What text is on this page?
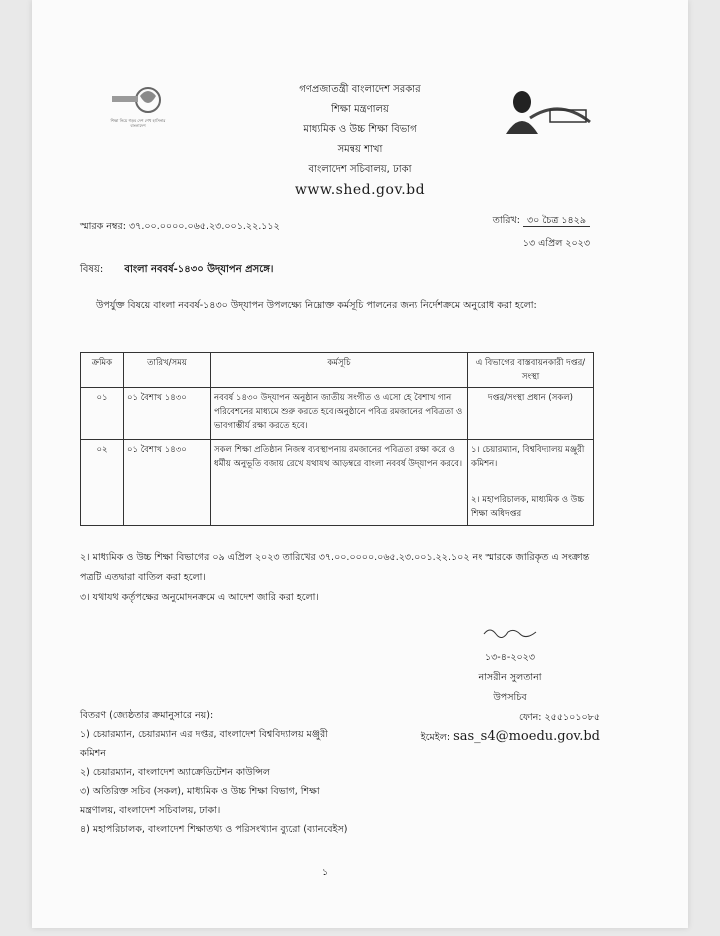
শিক্ষা নিয়ে গড়ব দেশ শেখ হাসিনার বাংলাদেশ
গণপ্রজাতন্ত্রী বাংলাদেশ সরকার
শিক্ষা মন্ত্রণালয়
মাধ্যমিক ও উচ্চ শিক্ষা বিভাগ
সমন্বয় শাখা
বাংলাদেশ সচিবালয়, ঢাকা
www.shed.gov.bd
স্মারক নম্বর: ৩৭.০০.০০০০.০৬৫.২৩.০০১.২২.১১২
তারিখ: ৩০ চৈত্র ১৪২৯
১৩ এপ্রিল ২০২৩
বিষয়: বাংলা নববর্ষ-১৪৩০ উদ্‌যাপন প্রসঙ্গে।
উপর্যুক্ত বিষয়ে বাংলা নববর্ষ-১৪৩০ উদ্‌যাপন উপলক্ষ্যে নিম্নোক্ত কর্মসূচি পালনের জন্য নির্দেশক্রমে অনুরোধ করা হলো:
ক্রমিক	তারিখ/সময়	কর্মসূচি	এ বিভাগের বাস্তবায়নকারী দপ্তর/সংস্থা
০১	০১ বৈশাখ ১৪৩০	নববর্ষ ১৪৩০ উদ্‌যাপন অনুষ্ঠান জাতীয় সংগীত ও এসো হে বৈশাখ গান পরিবেশনের মাধ্যমে শুরু করতে হবে।অনুষ্ঠানে পবিত্র রমজানের পবিত্রতা ও ভাবগাম্ভীর্য রক্ষা করতে হবে।	দপ্তর/সংস্থা প্রধান (সকল)
০২	০১ বৈশাখ ১৪৩০	সকল শিক্ষা প্রতিষ্ঠান নিজস্ব ব্যবস্থাপনায় রমজানের পবিত্রতা রক্ষা করে ও ধর্মীয় অনুভূতি বজায় রেখে যথাযথ আড়ম্বরে বাংলা নববর্ষ উদ্‌যাপন করবে।	১। চেয়ারম্যান, বিশ্ববিদ্যালয় মঞ্জুরী কমিশন।
২। মহাপরিচালক, মাধ্যমিক ও উচ্চ শিক্ষা অধিদপ্তর
২। মাধ্যমিক ও উচ্চ শিক্ষা বিভাগের ০৯ এপ্রিল ২০২৩ তারিখের ৩৭.০০.০০০০.০৬৫.২৩.০০১.২২.১০২ নং স্মারকে জারিকৃত এ সংক্রান্ত পত্রটি এতদ্বারা বাতিল করা হলো।
৩। যথাযথ কর্তৃপক্ষের অনুমোদনক্রমে এ আদেশ জারি করা হলো।
১৩-৪-২০২৩
নাসরীন সুলতানা
উপসচিব
ফোন: ২৫৫১০১০৮৫
ইমেইল: sas_s4@moedu.gov.bd
বিতরণ (জ্যেষ্ঠতার ক্রমানুসারে নয়):
১) চেয়ারম্যান, চেয়ারম্যান এর দপ্তর, বাংলাদেশ বিশ্ববিদ্যালয় মঞ্জুরী কমিশন
২) চেয়ারম্যান, বাংলাদেশ অ্যাক্রেডিটেশন কাউন্সিল
৩) অতিরিক্ত সচিব (সকল), মাধ্যমিক ও উচ্চ শিক্ষা বিভাগ, শিক্ষা মন্ত্রণালয়, বাংলাদেশ সচিবালয়, ঢাকা।
৪) মহাপরিচালক, বাংলাদেশ শিক্ষাতথ্য ও পরিসংখ্যান ব্যুরো (ব্যানবেইস)
১
